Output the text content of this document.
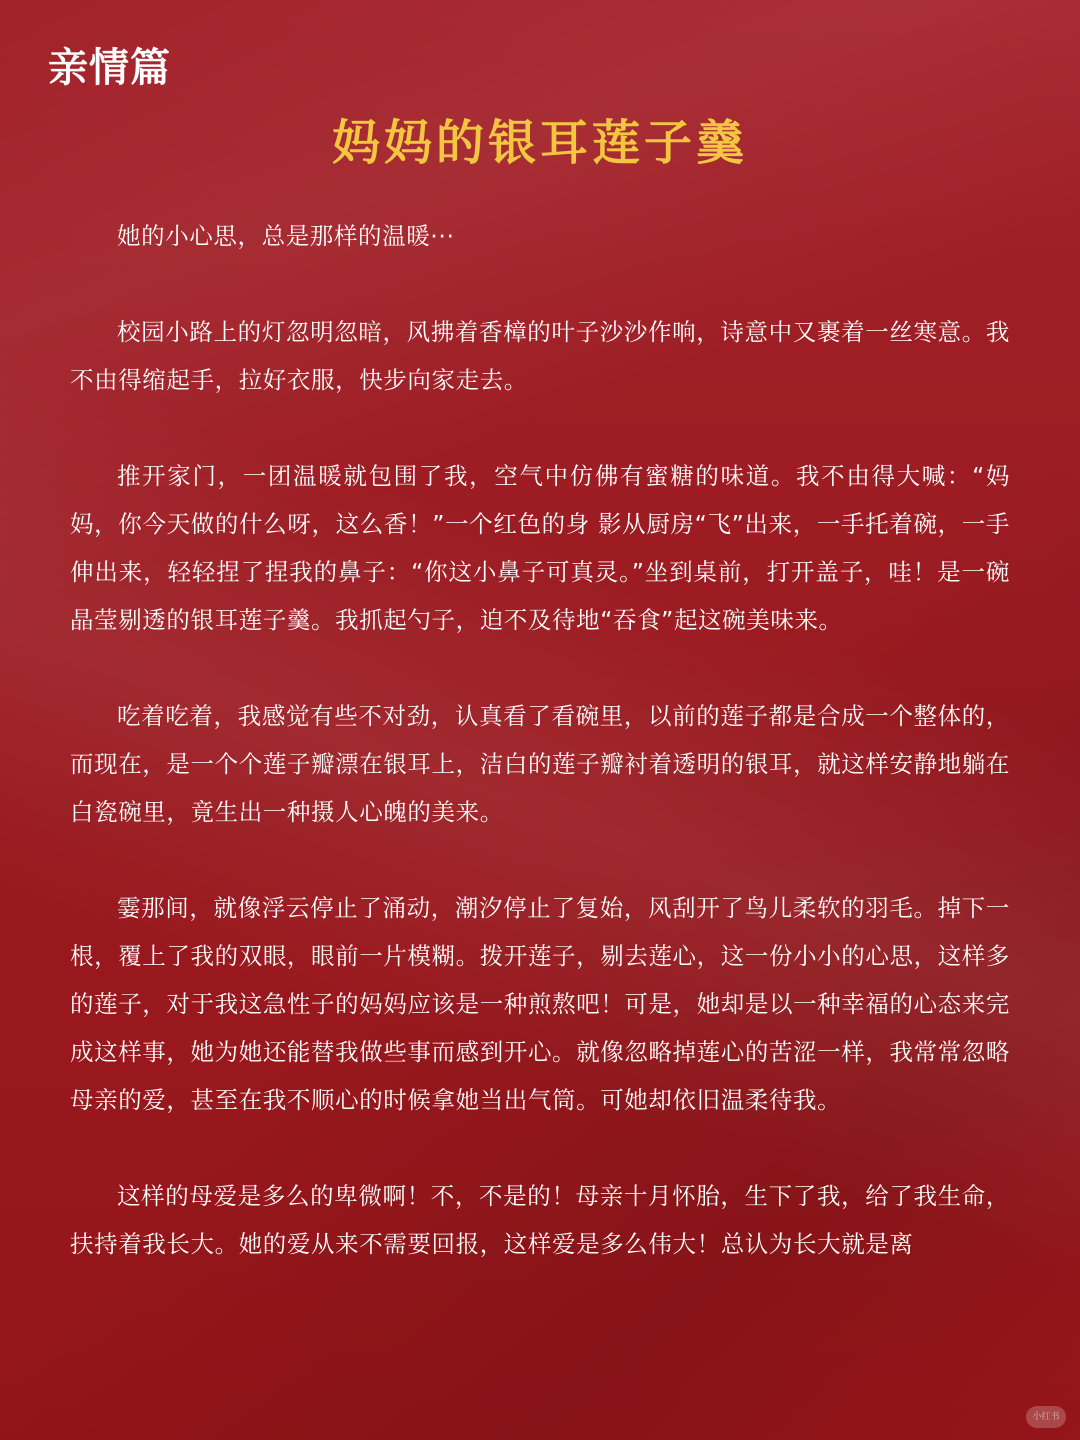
亲情篇
妈妈的银耳莲子羹

她的小心思，总是那样的温暖···

校园小路上的灯忽明忽暗，风拂着香樟的叶子沙沙作响，诗意中又裹着一丝寒意。我不由得缩起手，拉好衣服，快步向家走去。

推开家门，一团温暖就包围了我，空气中仿佛有蜜糖的味道。我不由得大喊：“妈妈，你今天做的什么呀，这么香！”一个红色的身 影从厨房“飞”出来，一手托着碗，一手伸出来，轻轻捏了捏我的鼻子：“你这小鼻子可真灵。”坐到桌前，打开盖子，哇！是一碗晶莹剔透的银耳莲子羹。我抓起勺子，迫不及待地“吞食”起这碗美味来。

吃着吃着，我感觉有些不对劲，认真看了看碗里，以前的莲子都是合成一个整体的，而现在，是一个个莲子瓣漂在银耳上，洁白的莲子瓣衬着透明的银耳，就这样安静地躺在白瓷碗里，竟生出一种摄人心魄的美来。

霎那间，就像浮云停止了涌动，潮汐停止了复始，风刮开了鸟儿柔软的羽毛。掉下一根，覆上了我的双眼，眼前一片模糊。拨开莲子，剔去莲心，这一份小小的心思，这样多的莲子，对于我这急性子的妈妈应该是一种煎熬吧！可是，她却是以一种幸福的心态来完成这样事，她为她还能替我做些事而感到开心。就像忽略掉莲心的苦涩一样，我常常忽略母亲的爱，甚至在我不顺心的时候拿她当出气筒。可她却依旧温柔待我。

这样的母爱是多么的卑微啊！不，不是的！母亲十月怀胎，生下了我，给了我生命，扶持着我长大。她的爱从来不需要回报，这样爱是多么伟大！总认为长大就是离

小红书
